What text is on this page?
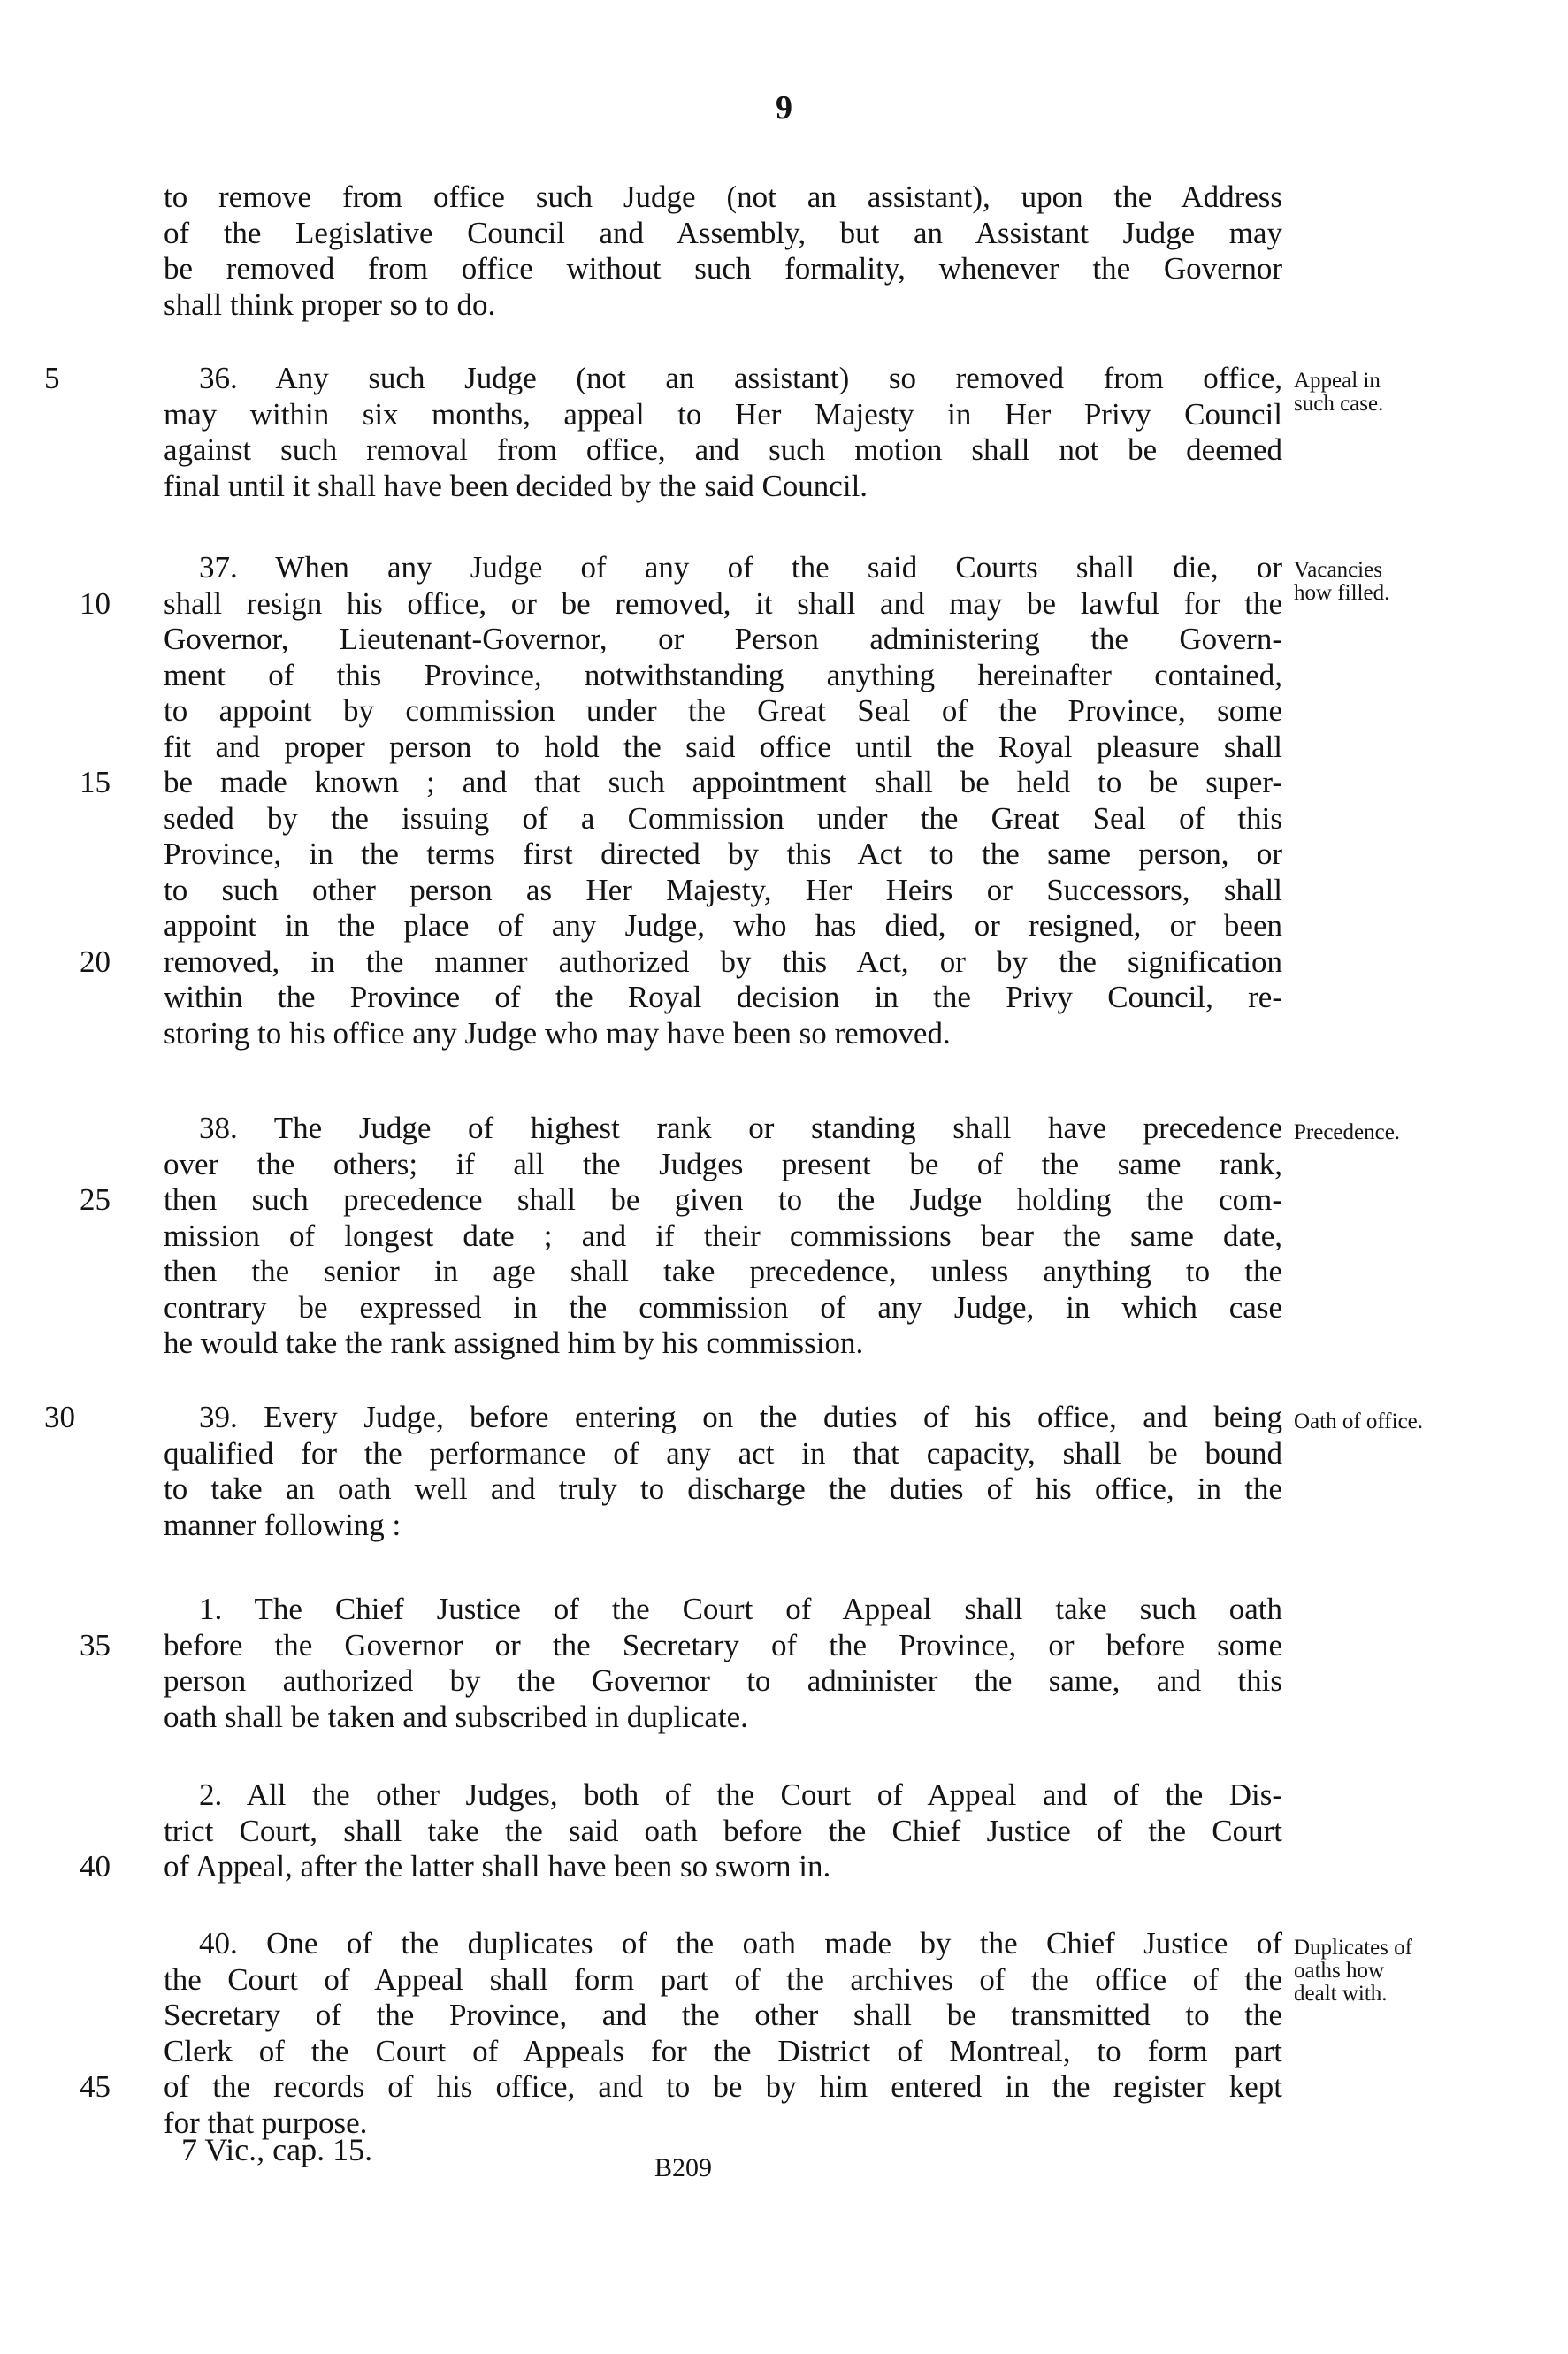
9
to remove from office such Judge (not an assistant), upon the Address
of the Legislative Council and Assembly, but an Assistant Judge may
be removed from office without such formality, whenever the Governor
shall think proper so to do.
5	36. Any such Judge (not an assistant) so removed from office,
may within six months, appeal to Her Majesty in Her Privy Council
against such removal from office, and such motion shall not be deemed
final until it shall have been decided by the said Council.
Appeal in
such case.
37. When any Judge of any of the said Courts shall die, or
10	shall resign his office, or be removed, it shall and may be lawful for the
Governor, Lieutenant-Governor, or Person administering the Govern-
ment of this Province, notwithstanding anything hereinafter contained,
to appoint by commission under the Great Seal of the Province, some
fit and proper person to hold the said office until the Royal pleasure shall
15	be made known ; and that such appointment shall be held to be super-
seded by the issuing of a Commission under the Great Seal of this
Province, in the terms first directed by this Act to the same person, or
to such other person as Her Majesty, Her Heirs or Successors, shall
appoint in the place of any Judge, who has died, or resigned, or been
20	removed, in the manner authorized by this Act, or by the signification
within the Province of the Royal decision in the Privy Council, re-
storing to his office any Judge who may have been so removed.
Vacancies
how filled.
38. The Judge of highest rank or standing shall have precedence
over the others; if all the Judges present be of the same rank,
25	then such precedence shall be given to the Judge holding the com-
mission of longest date ; and if their commissions bear the same date,
then the senior in age shall take precedence, unless anything to the
contrary be expressed in the commission of any Judge, in which case
he would take the rank assigned him by his commission.
Precedence.
30	39. Every Judge, before entering on the duties of his office, and being
qualified for the performance of any act in that capacity, shall be bound
to take an oath well and truly to discharge the duties of his office, in the
manner following :
Oath of office.
1. The Chief Justice of the Court of Appeal shall take such oath
35	before the Governor or the Secretary of the Province, or before some
person authorized by the Governor to administer the same, and this
oath shall be taken and subscribed in duplicate.
2. All the other Judges, both of the Court of Appeal and of the Dis-
trict Court, shall take the said oath before the Chief Justice of the Court
40	of Appeal, after the latter shall have been so sworn in.
40. One of the duplicates of the oath made by the Chief Justice of
the Court of Appeal shall form part of the archives of the office of the
Secretary of the Province, and the other shall be transmitted to the
Clerk of the Court of Appeals for the District of Montreal, to form part
45	of the records of his office, and to be by him entered in the register kept
for that purpose.
Duplicates of
oaths how
dealt with.
7 Vic., cap. 15.
B209
